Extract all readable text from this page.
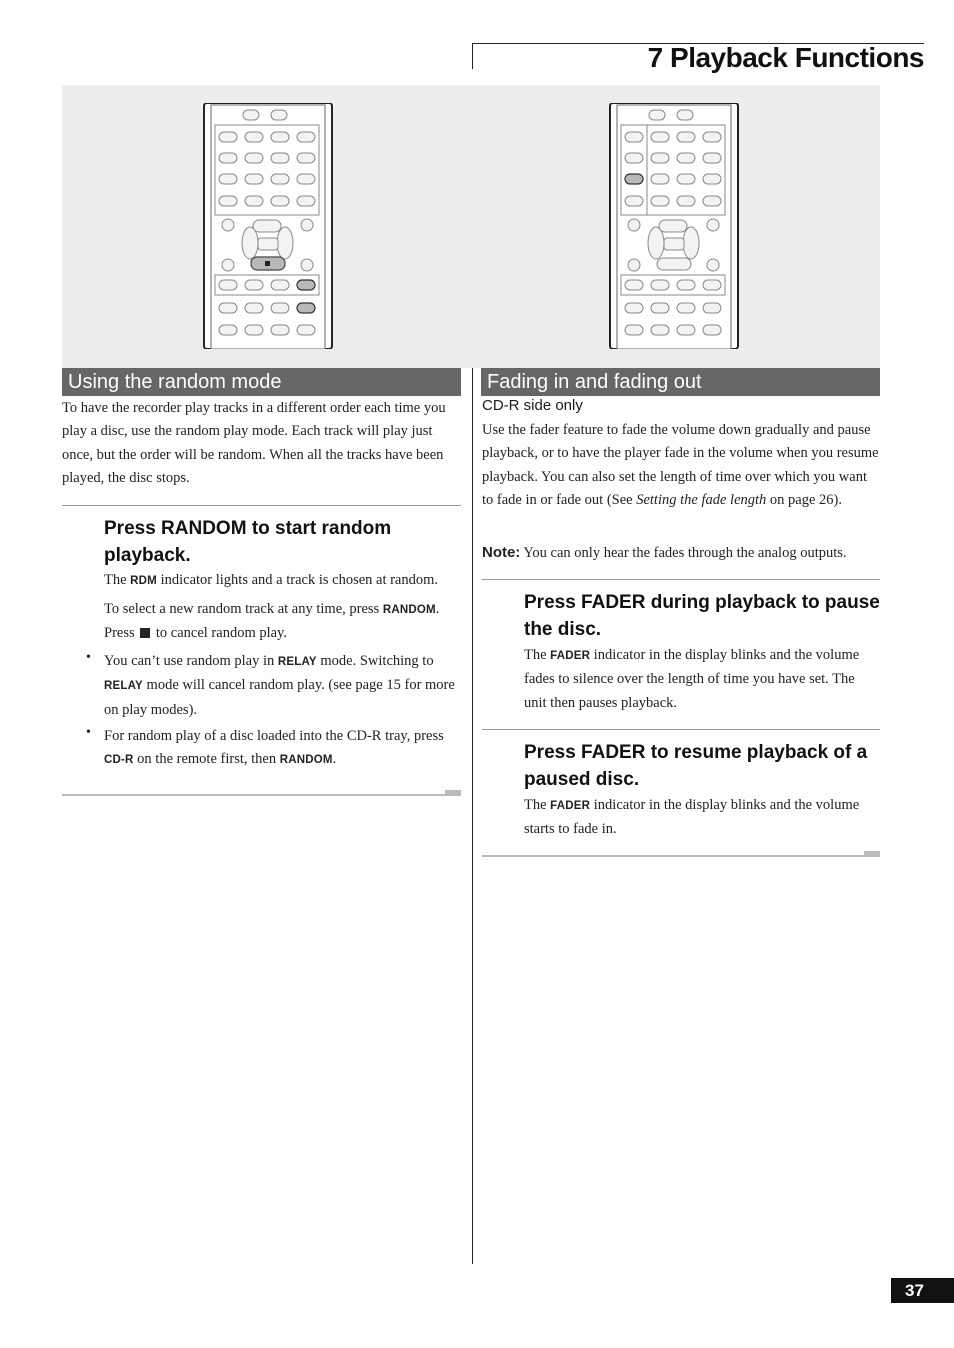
7 Playback Functions
Using the random mode

To have the recorder play tracks in a different order each time you play a disc, use the random play mode. Each track will play just once, but the order will be random. When all the tracks have been played, the disc stops.

Press RANDOM to start random playback.

The RDM indicator lights and a track is chosen at random.

To select a new random track at any time, press RANDOM. Press  to cancel random play.

• You can’t use random play in RELAY mode. Switching to RELAY mode will cancel random play. (see page 15 for more on play modes).

• For random play of a disc loaded into the CD-R tray, press CD-R on the remote first, then RANDOM.

Fading in and fading out

CD-R side only

Use the fader feature to fade the volume down gradually and pause playback, or to have the player fade in the volume when you resume playback. You can also set the length of time over which you want to fade in or fade out (See Setting the fade length on page 26).

Note: You can only hear the fades through the analog outputs.

Press FADER during playback to pause the disc.

The FADER indicator in the display blinks and the volume fades to silence over the length of time you have set. The unit then pauses playback.

Press FADER to resume playback of a paused disc.

The FADER indicator in the display blinks and the volume starts to fade in.

37
